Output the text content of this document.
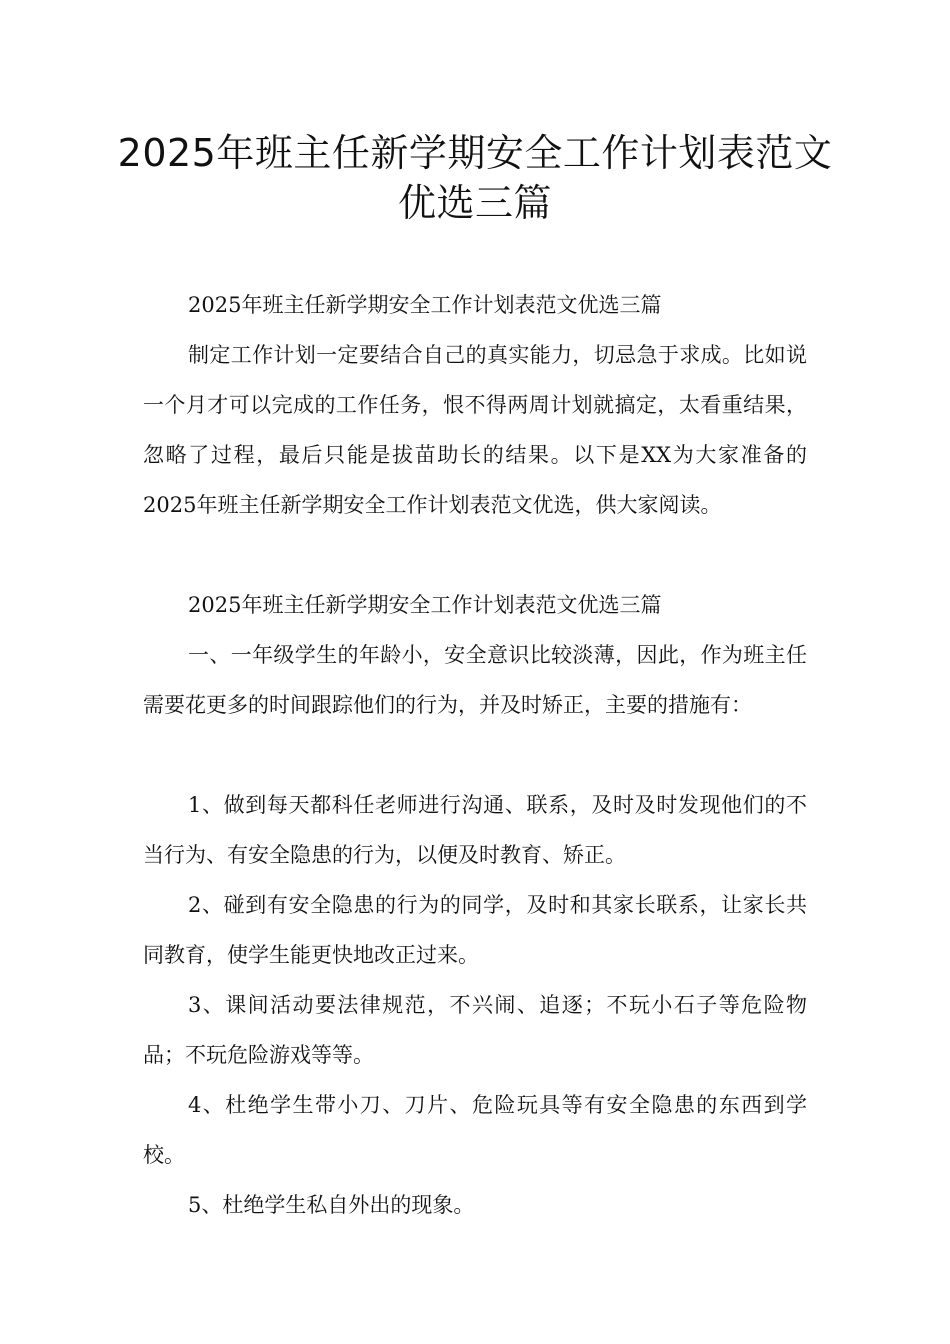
2025年班主任新学期安全工作计划表范文优选三篇

2025年班主任新学期安全工作计划表范文优选三篇

制定工作计划一定要结合自己的真实能力，切忌急于求成。比如说一个月才可以完成的工作任务，恨不得两周计划就搞定，太看重结果，忽略了过程，最后只能是拔苗助长的结果。以下是XX为大家准备的2025年班主任新学期安全工作计划表范文优选，供大家阅读。

2025年班主任新学期安全工作计划表范文优选三篇

一、一年级学生的年龄小，安全意识比较淡薄，因此，作为班主任需要花更多的时间跟踪他们的行为，并及时矫正，主要的措施有：

1、做到每天都科任老师进行沟通、联系，及时及时发现他们的不当行为、有安全隐患的行为，以便及时教育、矫正。

2、碰到有安全隐患的行为的同学，及时和其家长联系，让家长共同教育，使学生能更快地改正过来。

3、课间活动要法律规范，不兴闹、追逐；不玩小石子等危险物品；不玩危险游戏等等。

4、杜绝学生带小刀、刀片、危险玩具等有安全隐患的东西到学校。

5、杜绝学生私自外出的现象。
